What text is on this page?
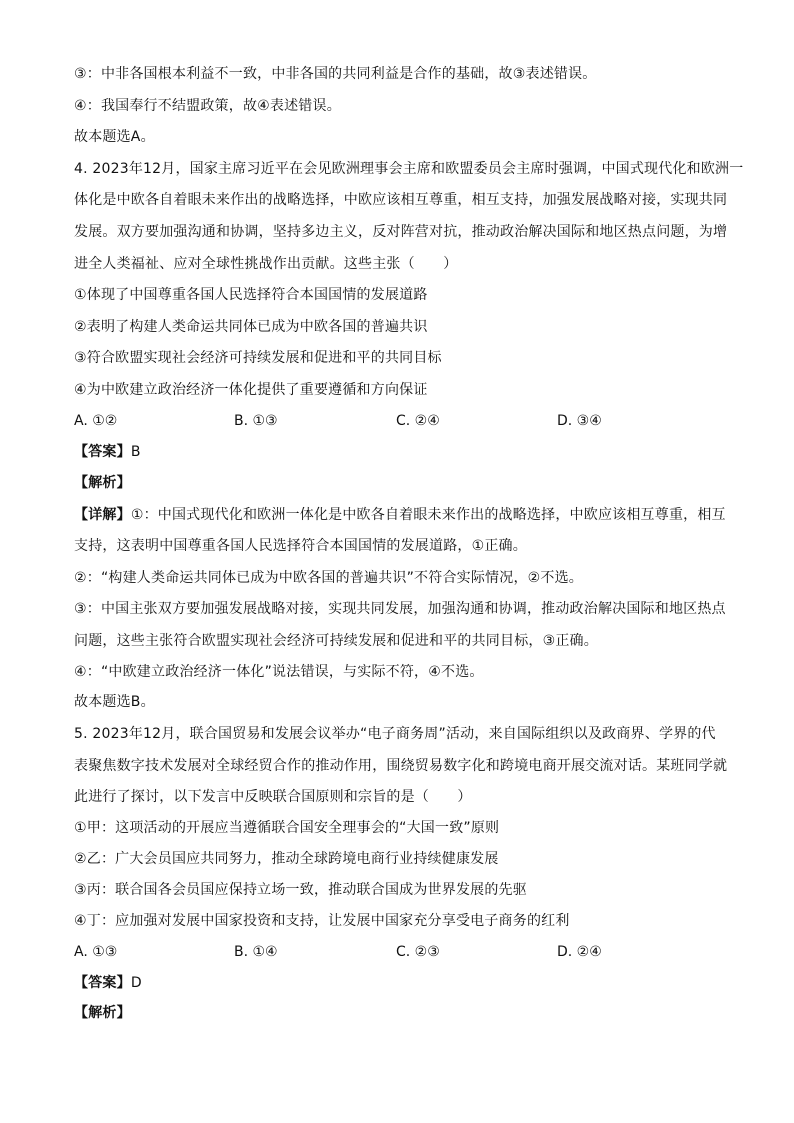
③：中非各国根本利益不一致，中非各国的共同利益是合作的基础，故③表述错误。
④：我国奉行不结盟政策，故④表述错误。
故本题选A。
4. 2023年12月，国家主席习近平在会见欧洲理事会主席和欧盟委员会主席时强调，中国式现代化和欧洲一
体化是中欧各自着眼未来作出的战略选择，中欧应该相互尊重，相互支持，加强发展战略对接，实现共同
发展。双方要加强沟通和协调，坚持多边主义，反对阵营对抗，推动政治解决国际和地区热点问题，为增
进全人类福祉、应对全球性挑战作出贡献。这些主张（　　）
①体现了中国尊重各国人民选择符合本国国情的发展道路
②表明了构建人类命运共同体已成为中欧各国的普遍共识
③符合欧盟实现社会经济可持续发展和促进和平的共同目标
④为中欧建立政治经济一体化提供了重要遵循和方向保证
A. ①②	B. ①③	C. ②④	D. ③④
【答案】B
【解析】
【详解】①：中国式现代化和欧洲一体化是中欧各自着眼未来作出的战略选择，中欧应该相互尊重，相互
支持，这表明中国尊重各国人民选择符合本国国情的发展道路，①正确。
②：“构建人类命运共同体已成为中欧各国的普遍共识”不符合实际情况，②不选。
③：中国主张双方要加强发展战略对接，实现共同发展，加强沟通和协调，推动政治解决国际和地区热点
问题，这些主张符合欧盟实现社会经济可持续发展和促进和平的共同目标，③正确。
④：“中欧建立政治经济一体化”说法错误，与实际不符，④不选。
故本题选B。
5. 2023年12月，联合国贸易和发展会议举办“电子商务周”活动，来自国际组织以及政商界、学界的代
表聚焦数字技术发展对全球经贸合作的推动作用，围绕贸易数字化和跨境电商开展交流对话。某班同学就
此进行了探讨，以下发言中反映联合国原则和宗旨的是（　　）
①甲：这项活动的开展应当遵循联合国安全理事会的“大国一致”原则
②乙：广大会员国应共同努力，推动全球跨境电商行业持续健康发展
③丙：联合国各会员国应保持立场一致，推动联合国成为世界发展的先驱
④丁：应加强对发展中国家投资和支持，让发展中国家充分享受电子商务的红利
A. ①③	B. ①④	C. ②③	D. ②④
【答案】D
【解析】
